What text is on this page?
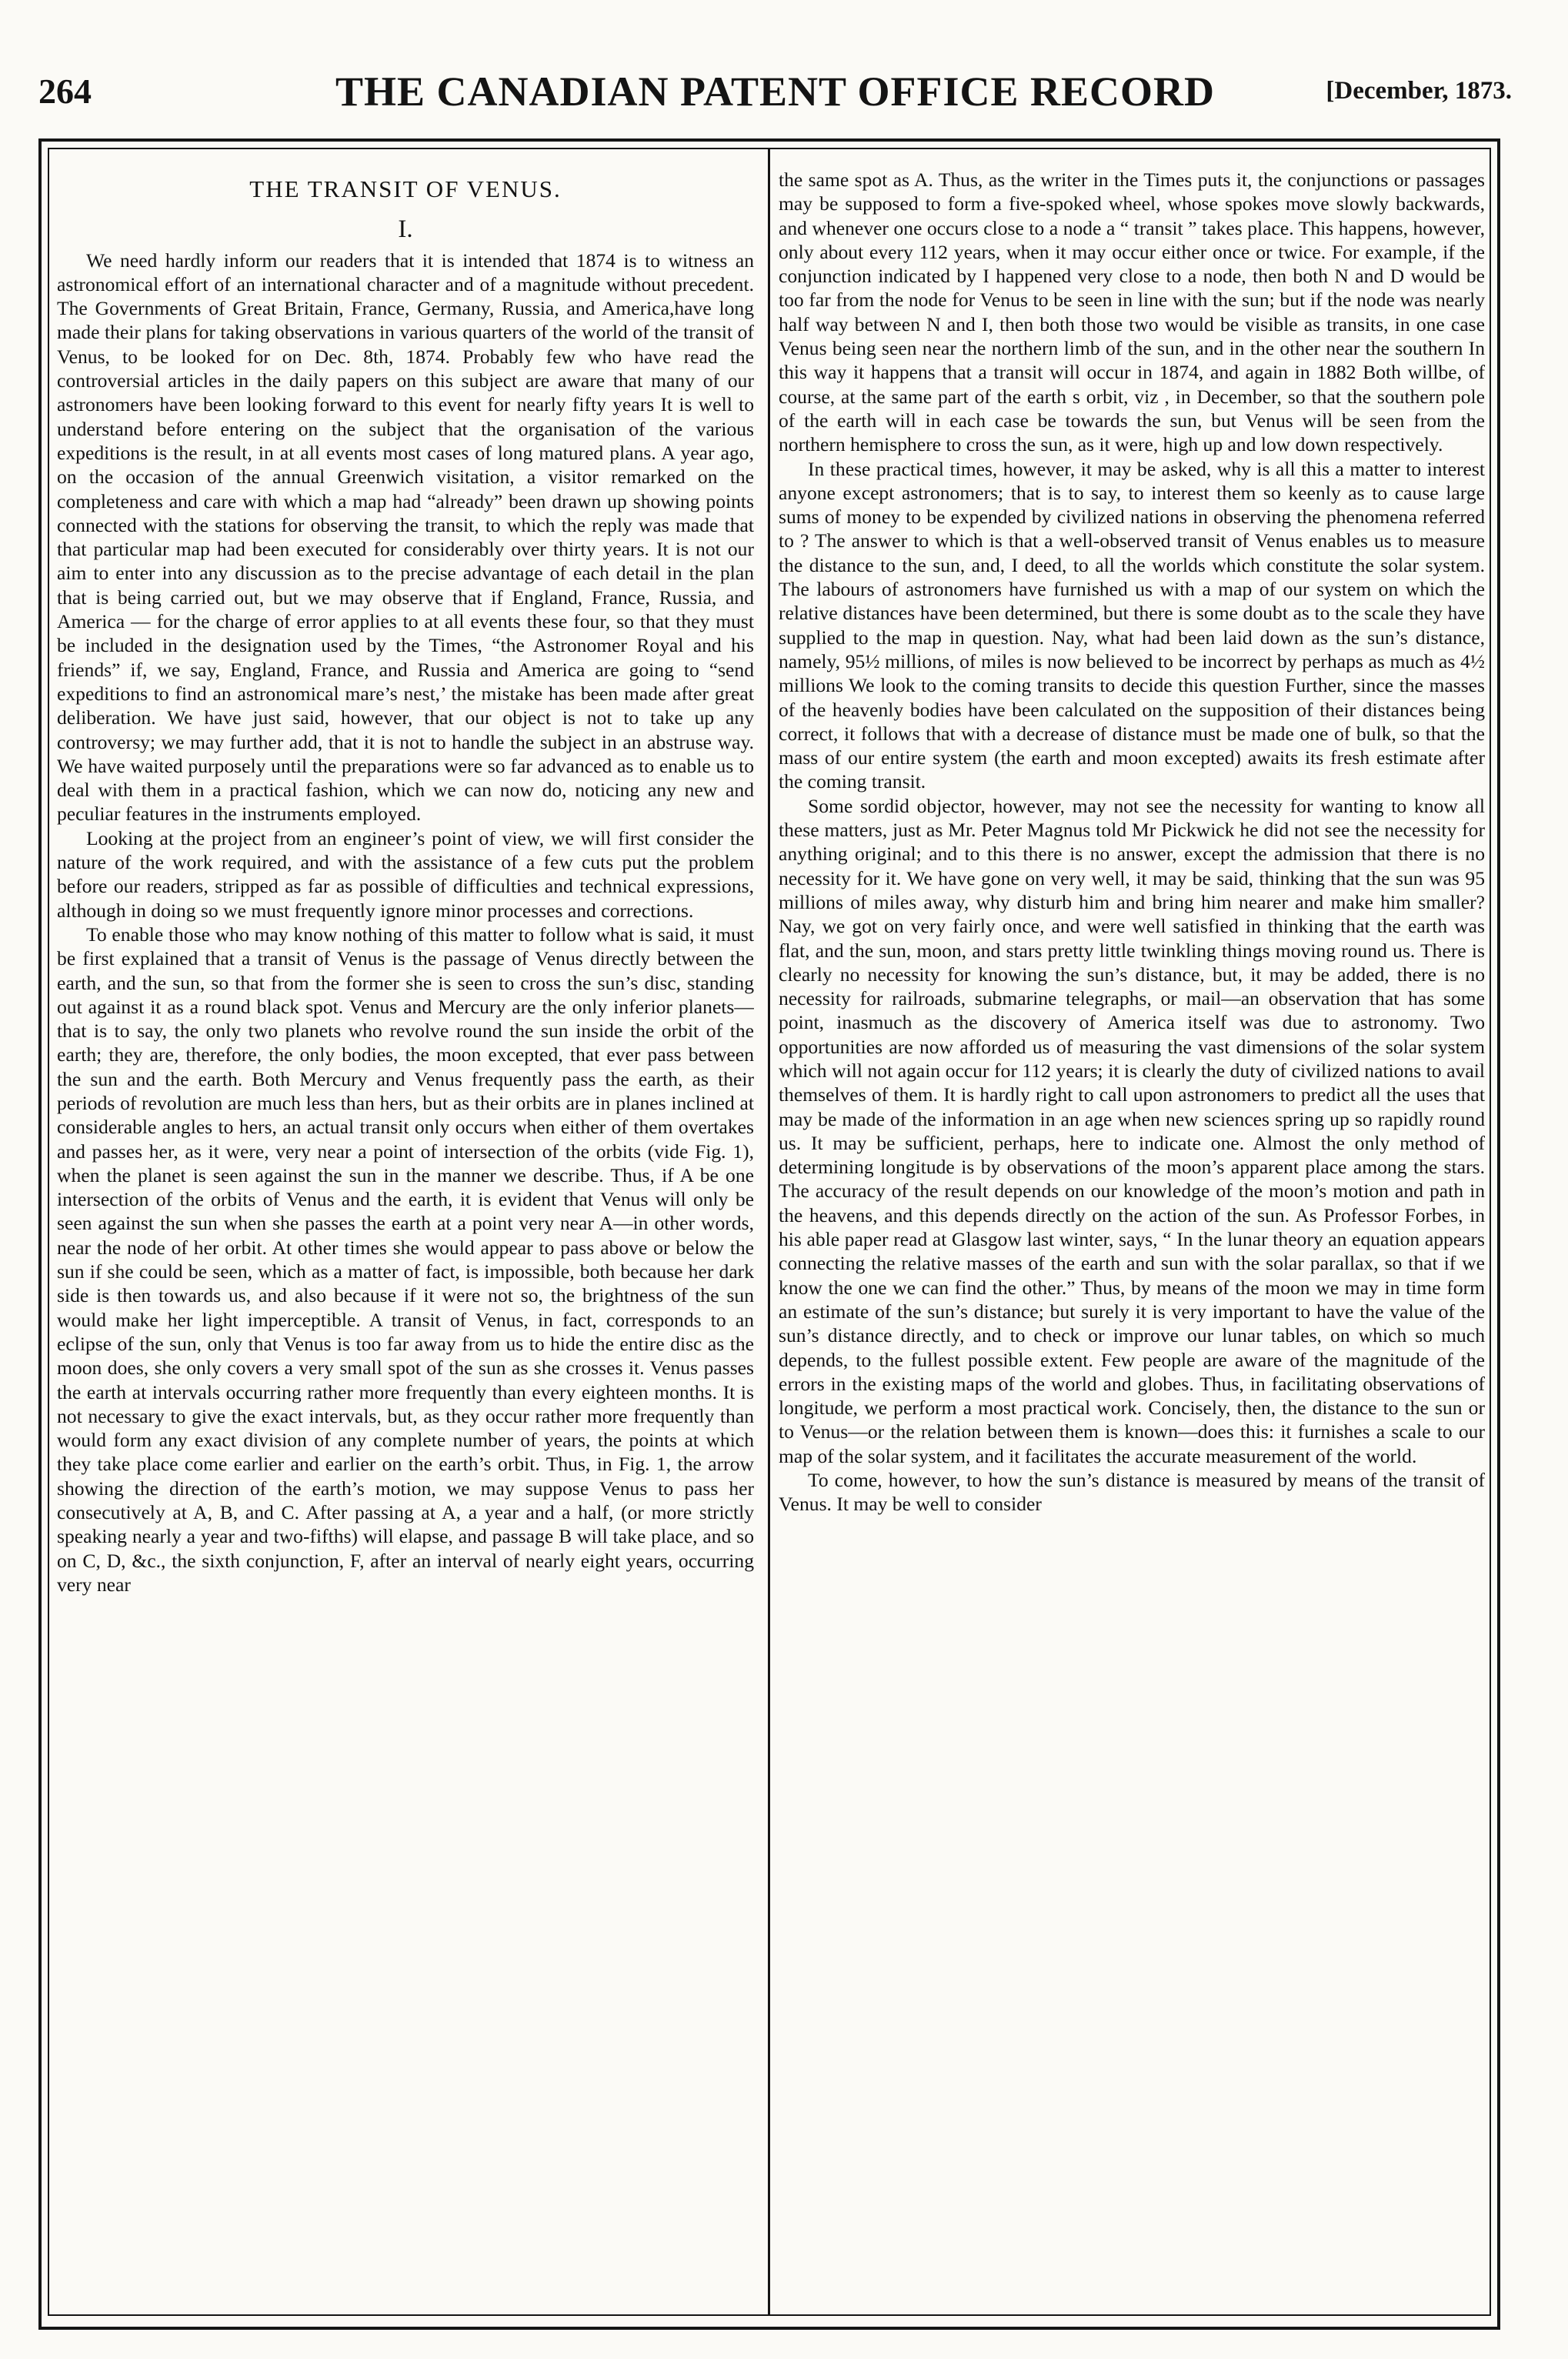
264	THE CANADIAN PATENT OFFICE RECORD	[December, 1873.
THE TRANSIT OF VENUS.
I.

We need hardly inform our readers that it is intended that 1874 is to witness an astronomical effort of an international character and of a magnitude without precedent. The Governments of Great Britain, France, Germany, Russia, and America,have long made their plans for taking observations in various quarters of the world of the transit of Venus, to be looked for on Dec. 8th, 1874. Probably few who have read the controversial articles in the daily papers on this subject are aware that many of our astronomers have been looking forward to this event for nearly fifty years It is well to understand before entering on the subject that the organisation of the various expeditions is the result, in at all events most cases of long matured plans. A year ago, on the occasion of the annual Greenwich visitation, a visitor remarked on the completeness and care with which a map had “already” been drawn up showing points connected with the stations for observing the transit, to which the reply was made that that particular map had been executed for considerably over thirty years. It is not our aim to enter into any discussion as to the precise advantage of each detail in the plan that is being carried out, but we may observe that if England, France, Russia, and America — for the charge of error applies to at all events these four, so that they must be included in the designation used by the Times, “the Astronomer Royal and his friends” if, we say, England, France, and Russia and America are going to “send expeditions to find an astronomical mare’s nest,’ the mistake has been made after great deliberation. We have just said, however, that our object is not to take up any controversy; we may further add, that it is not to handle the subject in an abstruse way. We have waited purposely until the preparations were so far advanced as to enable us to deal with them in a practical fashion, which we can now do, noticing any new and peculiar features in the instruments employed.

Looking at the project from an engineer’s point of view, we will first consider the nature of the work required, and with the assistance of a few cuts put the problem before our readers, stripped as far as possible of difficulties and technical expressions, although in doing so we must frequently ignore minor processes and corrections.

To enable those who may know nothing of this matter to follow what is said, it must be first explained that a transit of Venus is the passage of Venus directly between the earth, and the sun, so that from the former she is seen to cross the sun’s disc, standing out against it as a round black spot. Venus and Mercury are the only inferior planets—that is to say, the only two planets who revolve round the sun inside the orbit of the earth; they are, therefore, the only bodies, the moon excepted, that ever pass between the sun and the earth. Both Mercury and Venus frequently pass the earth, as their periods of revolution are much less than hers, but as their orbits are in planes inclined at considerable angles to hers, an actual transit only occurs when either of them overtakes and passes her, as it were, very near a point of intersection of the orbits (vide Fig. 1), when the planet is seen against the sun in the manner we describe. Thus, if A be one intersection of the orbits of Venus and the earth, it is evident that Venus will only be seen against the sun when she passes the earth at a point very near A—in other words, near the node of her orbit. At other times she would appear to pass above or below the sun if she could be seen, which as a matter of fact, is impossible, both because her dark side is then towards us, and also because if it were not so, the brightness of the sun would make her light imperceptible. A transit of Venus, in fact, corresponds to an eclipse of the sun, only that Venus is too far away from us to hide the entire disc as the moon does, she only covers a very small spot of the sun as she crosses it. Venus passes the earth at intervals occurring rather more frequently than every eighteen months. It is not necessary to give the exact intervals, but, as they occur rather more frequently than would form any exact division of any complete number of years, the points at which they take place come earlier and earlier on the earth’s orbit. Thus, in Fig. 1, the arrow showing the direction of the earth’s motion, we may suppose Venus to pass her consecutively at A, B, and C. After passing at A, a year and a half, (or more strictly speaking nearly a year and two-fifths) will elapse, and passage B will take place, and so on C, D, &c., the sixth conjunction, F, after an interval of nearly eight years, occurring very near

the same spot as A. Thus, as the writer in the Times puts it, the conjunctions or passages may be supposed to form a five-spoked wheel, whose spokes move slowly backwards, and whenever one occurs close to a node a “ transit ” takes place. This happens, however, only about every 112 years, when it may occur either once or twice. For example, if the conjunction indicated by I happened very close to a node, then both N and D would be too far from the node for Venus to be seen in line with the sun; but if the node was nearly half way between N and I, then both those two would be visible as transits, in one case Venus being seen near the northern limb of the sun, and in the other near the southern In this way it happens that a transit will occur in 1874, and again in 1882 Both willbe, of course, at the same part of the earth s orbit, viz , in December, so that the southern pole of the earth will in each case be towards the sun, but Venus will be seen from the northern hemisphere to cross the sun, as it were, high up and low down respectively.

In these practical times, however, it may be asked, why is all this a matter to interest anyone except astronomers; that is to say, to interest them so keenly as to cause large sums of money to be expended by civilized nations in observing the phenomena referred to ? The answer to which is that a well-observed transit of Venus enables us to measure the distance to the sun, and, I deed, to all the worlds which constitute the solar system. The labours of astronomers have furnished us with a map of our system on which the relative distances have been determined, but there is some doubt as to the scale they have supplied to the map in question. Nay, what had been laid down as the sun’s distance, namely, 95½ millions, of miles is now believed to be incorrect by perhaps as much as 4½ millions We look to the coming transits to decide this question Further, since the masses of the heavenly bodies have been calculated on the supposition of their distances being correct, it follows that with a decrease of distance must be made one of bulk, so that the mass of our entire system (the earth and moon excepted) awaits its fresh estimate after the coming transit.

Some sordid objector, however, may not see the necessity for wanting to know all these matters, just as Mr. Peter Magnus told Mr Pickwick he did not see the necessity for anything original; and to this there is no answer, except the admission that there is no necessity for it. We have gone on very well, it may be said, thinking that the sun was 95 millions of miles away, why disturb him and bring him nearer and make him smaller? Nay, we got on very fairly once, and were well satisfied in thinking that the earth was flat, and the sun, moon, and stars pretty little twinkling things moving round us. There is clearly no necessity for knowing the sun’s distance, but, it may be added, there is no necessity for railroads, submarine telegraphs, or mail—an observation that has some point, inasmuch as the discovery of America itself was due to astronomy. Two opportunities are now afforded us of measuring the vast dimensions of the solar system which will not again occur for 112 years; it is clearly the duty of civilized nations to avail themselves of them. It is hardly right to call upon astronomers to predict all the uses that may be made of the information in an age when new sciences spring up so rapidly round us. It may be sufficient, perhaps, here to indicate one. Almost the only method of determining longitude is by observations of the moon’s apparent place among the stars. The accuracy of the result depends on our knowledge of the moon’s motion and path in the heavens, and this depends directly on the action of the sun. As Professor Forbes, in his able paper read at Glasgow last winter, says, “ In the lunar theory an equation appears connecting the relative masses of the earth and sun with the solar parallax, so that if we know the one we can find the other.” Thus, by means of the moon we may in time form an estimate of the sun’s distance; but surely it is very important to have the value of the sun’s distance directly, and to check or improve our lunar tables, on which so much depends, to the fullest possible extent. Few people are aware of the magnitude of the errors in the existing maps of the world and globes. Thus, in facilitating observations of longitude, we perform a most practical work. Concisely, then, the distance to the sun or to Venus—or the relation between them is known—does this: it furnishes a scale to our map of the solar system, and it facilitates the accurate measurement of the world.

To come, however, to how the sun’s distance is measured by means of the transit of Venus. It may be well to consider
